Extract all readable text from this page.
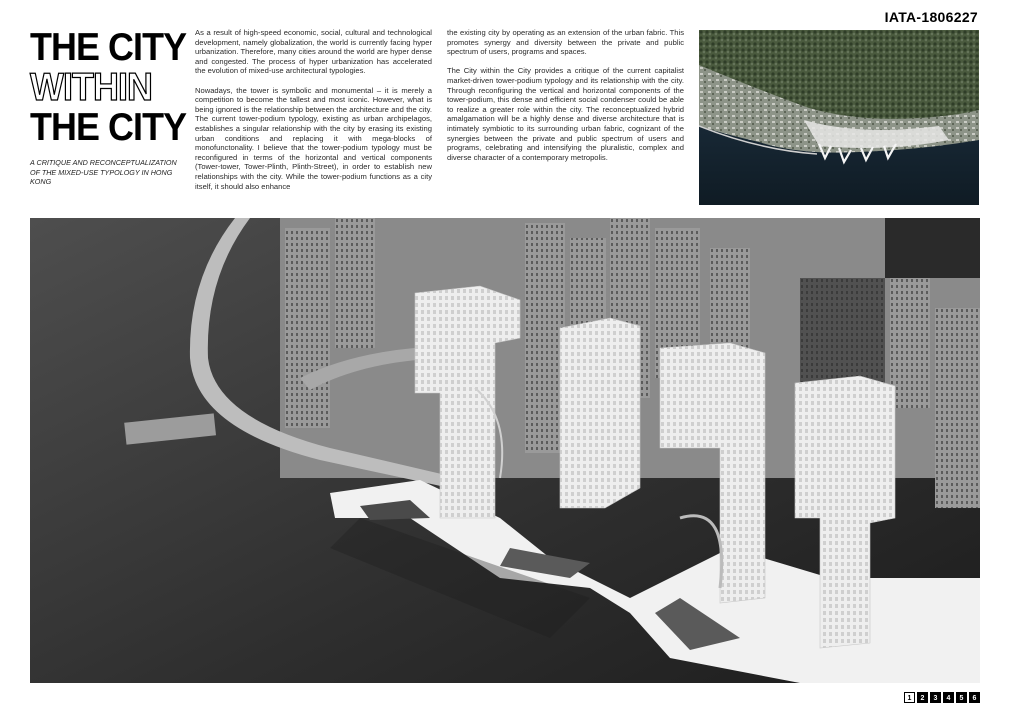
IATA-1806227
THE CITY
WITHIN
THE CITY
A CRITIQUE AND RECONCEPTUALIZATION OF THE MIXED-USE TYPOLOGY IN HONG KONG

As a result of high-speed economic, social, cultural and technological development, namely globalization, the world is currently facing hyper urbanization. Therefore, many cities around the world are hyper dense and congested. The process of hyper urbanization has accelerated the evolution of mixed-use architectural typologies.

Nowadays, the tower is symbolic and monumental – it is merely a competition to become the tallest and most iconic. However, what is being ignored is the relationship between the architecture and the city. The current tower-podium typology, existing as urban archipelagos, establishes a singular relationship with the city by erasing its existing urban conditions and replacing it with mega-blocks of monofunctonality. I believe that the tower-podium typology must be reconfigured in terms of the horizontal and vertical components (Tower-tower, Tower-Plinth, Plinth-Street), in order to establish new relationships with the city. While the tower-podium functions as a city itself, it should also enhance

the existing city by operating as an extension of the urban fabric. This promotes synergy and diversity between the private and public spectrum of users, programs and spaces.

The City within the City provides a critique of the current capitalist market-driven tower-podium typology and its relationship with the city. Through reconfiguring the vertical and horizontal components of the tower-podium, this dense and efficient social condenser could be able to realize a greater role within the city. The reconceptualized hybrid amalgamation will be a highly dense and diverse architecture that is intimately symbiotic to its surrounding urban fabric, cognizant of the synergies between the private and public spectrum of users and programs, celebrating and intensifying the pluralistic, complex and diverse character of a contemporary metropolis.

1	2	3	4	5	6
